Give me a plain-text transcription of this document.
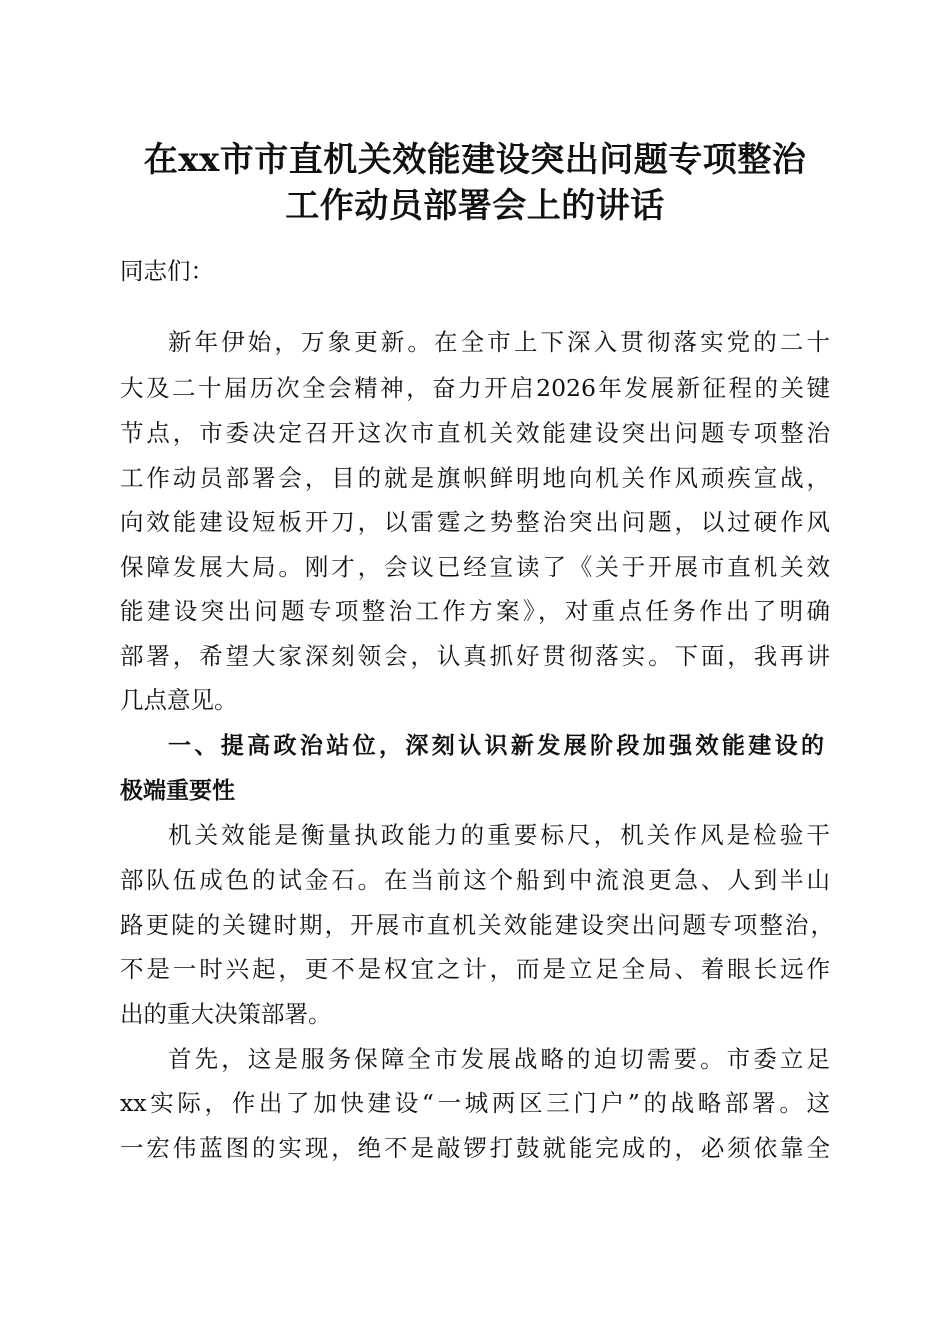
在xx市市直机关效能建设突出问题专项整治
工作动员部署会上的讲话
同志们：
新年伊始，万象更新。在全市上下深入贯彻落实党的二十
大及二十届历次全会精神，奋力开启2026年发展新征程的关键
节点，市委决定召开这次市直机关效能建设突出问题专项整治
工作动员部署会，目的就是旗帜鲜明地向机关作风顽疾宣战，
向效能建设短板开刀，以雷霆之势整治突出问题，以过硬作风
保障发展大局。刚才，会议已经宣读了《关于开展市直机关效
能建设突出问题专项整治工作方案》，对重点任务作出了明确
部署，希望大家深刻领会，认真抓好贯彻落实。下面，我再讲
几点意见。
一、提高政治站位，深刻认识新发展阶段加强效能建设的
极端重要性
机关效能是衡量执政能力的重要标尺，机关作风是检验干
部队伍成色的试金石。在当前这个船到中流浪更急、人到半山
路更陡的关键时期，开展市直机关效能建设突出问题专项整治，
不是一时兴起，更不是权宜之计，而是立足全局、着眼长远作
出的重大决策部署。
首先，这是服务保障全市发展战略的迫切需要。市委立足
xx实际，作出了加快建设“一城两区三门户”的战略部署。这
一宏伟蓝图的实现，绝不是敲锣打鼓就能完成的，必须依靠全
